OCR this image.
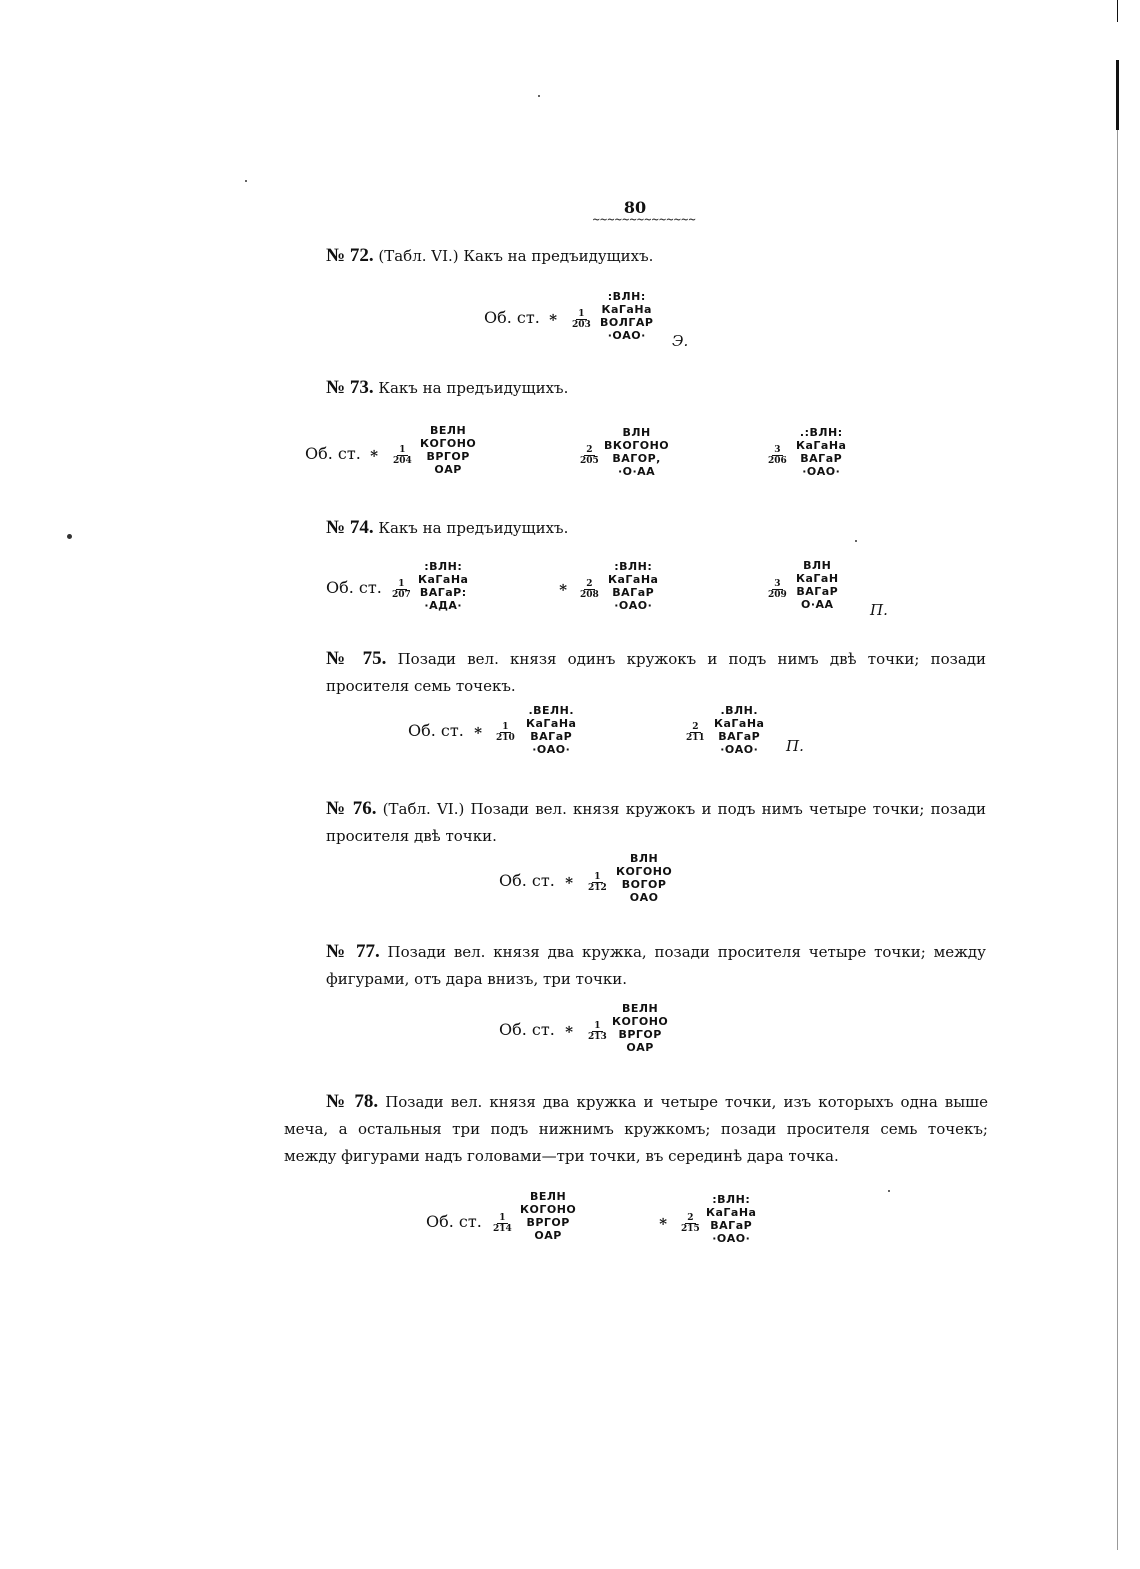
80
~~~~~~~~~~~~~~
№ 72. (Табл. VI.) Какъ на предъидущихъ.
Об. ст. ∗ $\frac{1}{203}$
:ВЛН:
КаГаНа
ВОЛГАР
·ОАО·	Э.
№ 73. Какъ на предъидущихъ.
Об. ст. ∗ $\frac{1}{204}$
ВЕЛН
КОГОНО
ВРГОР
ОАР
$\frac{2}{205}$
ВЛН
ВКОГОНО
ВАГОР,
·О·АА
$\frac{3}{206}$
.:ВЛН:
КаГаНа
ВАГаР
·ОАО·
№ 74. Какъ на предъидущихъ.
Об. ст. $\frac{1}{207}$
:ВЛН:
КаГаНа
ВАГаР:
·АДА·
∗ $\frac{2}{208}$
:ВЛН:
КаГаНа
ВАГаР
·ОАО·
$\frac{3}{209}$
ВЛН
КаГаН
ВАГаР
О·АА	П.
№ 75. Позади вел. князя одинъ кружокъ и подъ нимъ двѣ точки; позади просителя семь точекъ.
Об. ст. ∗ $\frac{1}{210}$
.ВЕЛН.
КаГаНа
ВАГаР
·ОАО·
$\frac{2}{211}$
.ВЛН.
КаГаНа
ВАГаР
·ОАО·	П.
№ 76. (Табл. VI.) Позади вел. князя кружокъ и подъ нимъ четыре точки; позади просителя двѣ точки.
Об. ст. ∗ $\frac{1}{212}$
ВЛН
КОГОНО
ВОГОР
ОАО
№ 77. Позади вел. князя два кружка, позади просителя четыре точки; между фигурами, отъ дара внизъ, три точки.
Об. ст. ∗ $\frac{1}{213}$
ВЕЛН
КОГОНО
ВРГОР
ОАР
№ 78. Позади вел. князя два кружка и четыре точки, изъ которыхъ одна выше меча, а остальныя три подъ нижнимъ кружкомъ; позади просителя семь точекъ; между фигурами надъ головами—три точки, въ серединѣ дара точка.
Об. ст. $\frac{1}{214}$
ВЕЛН
КОГОНО
ВРГОР
ОАР
∗ $\frac{2}{215}$
:ВЛН:
КаГаНа
ВАГаР
·ОАО·
